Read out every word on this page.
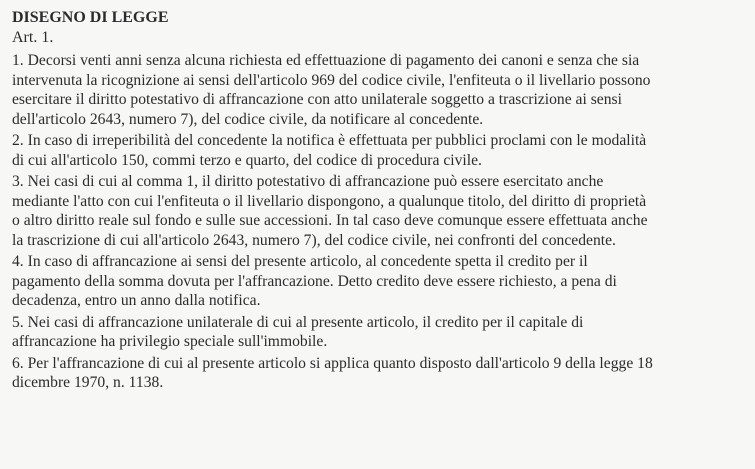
DISEGNO DI LEGGE
Art. 1.
1. Decorsi venti anni senza alcuna richiesta ed effettuazione di pagamento dei canoni e senza che sia
intervenuta la ricognizione ai sensi dell'articolo 969 del codice civile, l'enfiteuta o il livellario possono
esercitare il diritto potestativo di affrancazione con atto unilaterale soggetto a trascrizione ai sensi
dell'articolo 2643, numero 7), del codice civile, da notificare al concedente.
2. In caso di irreperibilità del concedente la notifica è effettuata per pubblici proclami con le modalità
di cui all'articolo 150, commi terzo e quarto, del codice di procedura civile.
3. Nei casi di cui al comma 1, il diritto potestativo di affrancazione può essere esercitato anche
mediante l'atto con cui l'enfiteuta o il livellario dispongono, a qualunque titolo, del diritto di proprietà
o altro diritto reale sul fondo e sulle sue accessioni. In tal caso deve comunque essere effettuata anche
la trascrizione di cui all'articolo 2643, numero 7), del codice civile, nei confronti del concedente.
4. In caso di affrancazione ai sensi del presente articolo, al concedente spetta il credito per il
pagamento della somma dovuta per l'affrancazione. Detto credito deve essere richiesto, a pena di
decadenza, entro un anno dalla notifica.
5. Nei casi di affrancazione unilaterale di cui al presente articolo, il credito per il capitale di
affrancazione ha privilegio speciale sull'immobile.
6. Per l'affrancazione di cui al presente articolo si applica quanto disposto dall'articolo 9 della legge 18
dicembre 1970, n. 1138.
